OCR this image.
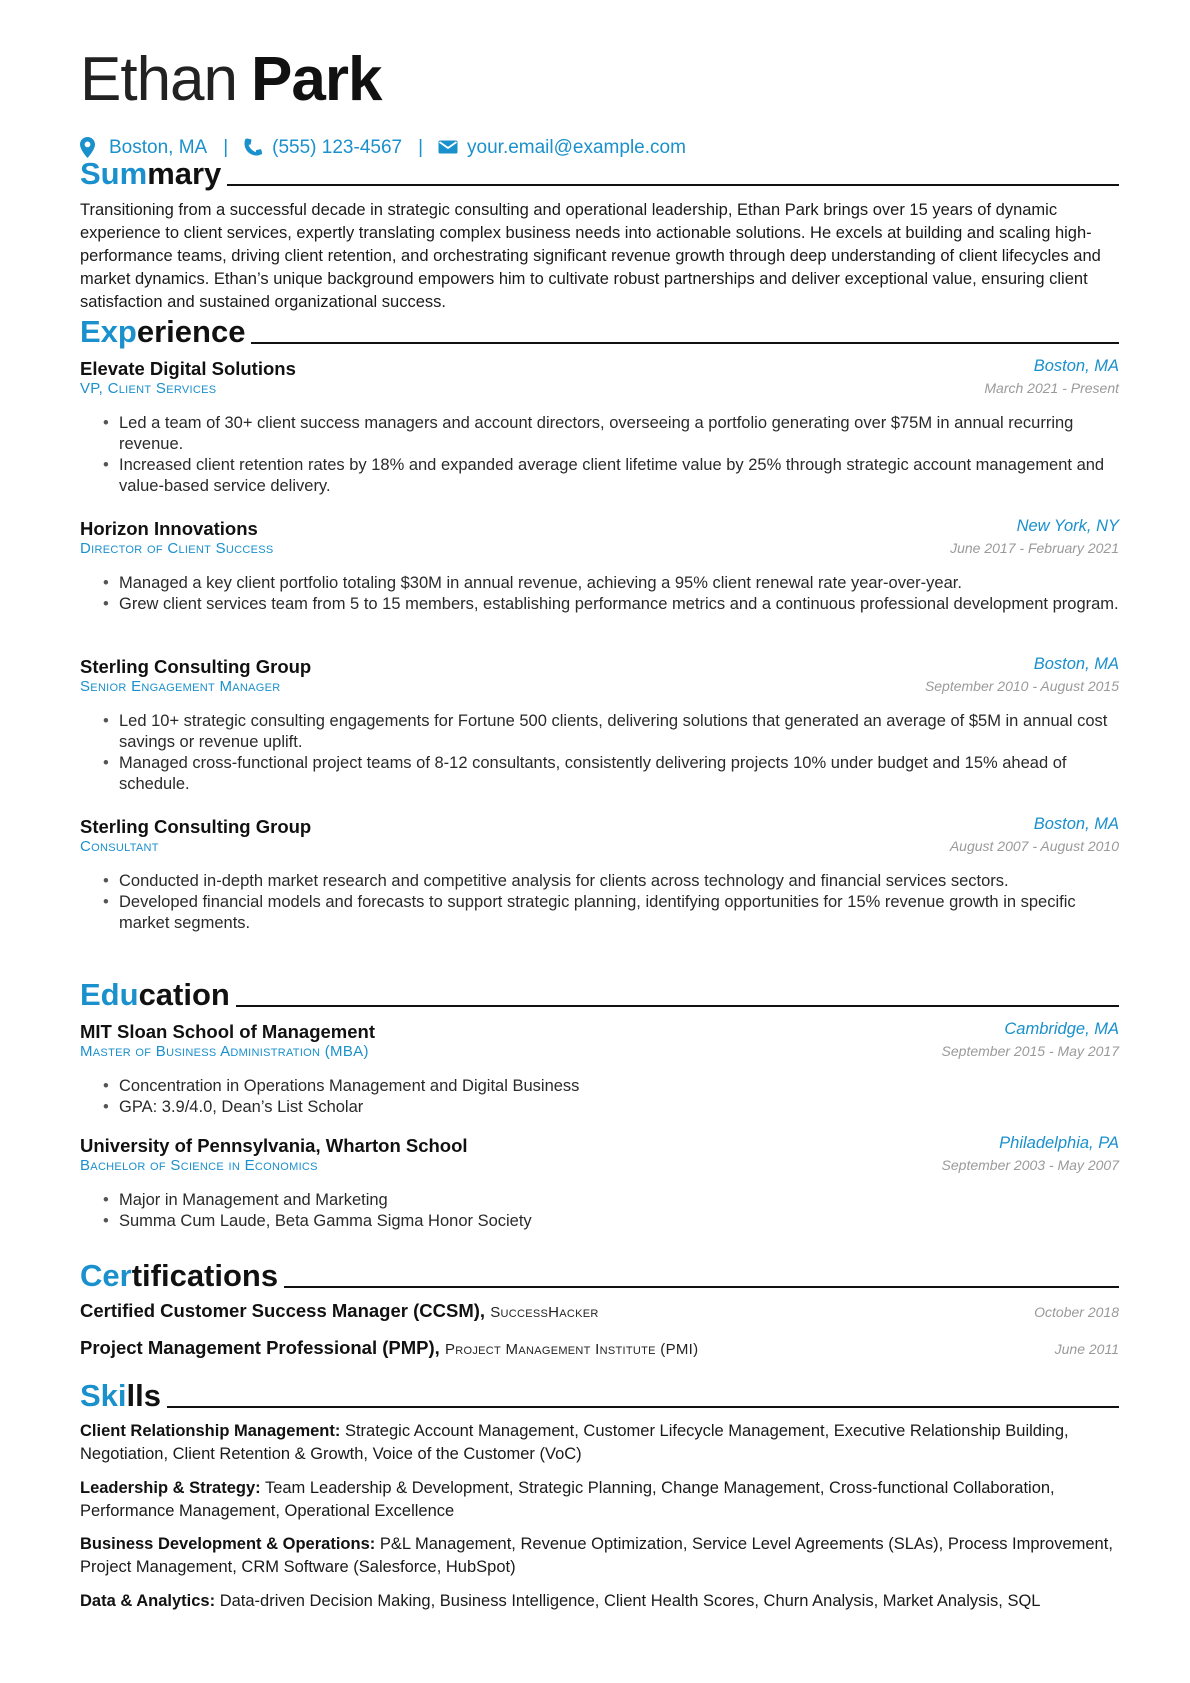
Ethan Park
Boston, MA | (555) 123-4567 | your.email@example.com
Summary
Transitioning from a successful decade in strategic consulting and operational leadership, Ethan Park brings over 15 years of dynamic experience to client services, expertly translating complex business needs into actionable solutions. He excels at building and scaling high-performance teams, driving client retention, and orchestrating significant revenue growth through deep understanding of client lifecycles and market dynamics. Ethan’s unique background empowers him to cultivate robust partnerships and deliver exceptional value, ensuring client satisfaction and sustained organizational success.
Experience
Elevate Digital Solutions	Boston, MA
VP, Client Services	March 2021 - Present
• Led a team of 30+ client success managers and account directors, overseeing a portfolio generating over $75M in annual recurring revenue.
• Increased client retention rates by 18% and expanded average client lifetime value by 25% through strategic account management and value-based service delivery.
Horizon Innovations	New York, NY
Director of Client Success	June 2017 - February 2021
• Managed a key client portfolio totaling $30M in annual revenue, achieving a 95% client renewal rate year-over-year.
• Grew client services team from 5 to 15 members, establishing performance metrics and a continuous professional development program.
Sterling Consulting Group	Boston, MA
Senior Engagement Manager	September 2010 - August 2015
• Led 10+ strategic consulting engagements for Fortune 500 clients, delivering solutions that generated an average of $5M in annual cost savings or revenue uplift.
• Managed cross-functional project teams of 8-12 consultants, consistently delivering projects 10% under budget and 15% ahead of schedule.
Sterling Consulting Group	Boston, MA
Consultant	August 2007 - August 2010
• Conducted in-depth market research and competitive analysis for clients across technology and financial services sectors.
• Developed financial models and forecasts to support strategic planning, identifying opportunities for 15% revenue growth in specific market segments.
Education
MIT Sloan School of Management	Cambridge, MA
Master of Business Administration (MBA)	September 2015 - May 2017
• Concentration in Operations Management and Digital Business
• GPA: 3.9/4.0, Dean’s List Scholar
University of Pennsylvania, Wharton School	Philadelphia, PA
Bachelor of Science in Economics	September 2003 - May 2007
• Major in Management and Marketing
• Summa Cum Laude, Beta Gamma Sigma Honor Society
Certifications
Certified Customer Success Manager (CCSM), SuccessHacker	October 2018
Project Management Professional (PMP), Project Management Institute (PMI)	June 2011
Skills
Client Relationship Management: Strategic Account Management, Customer Lifecycle Management, Executive Relationship Building, Negotiation, Client Retention & Growth, Voice of the Customer (VoC)
Leadership & Strategy: Team Leadership & Development, Strategic Planning, Change Management, Cross-functional Collaboration, Performance Management, Operational Excellence
Business Development & Operations: P&L Management, Revenue Optimization, Service Level Agreements (SLAs), Process Improvement, Project Management, CRM Software (Salesforce, HubSpot)
Data & Analytics: Data-driven Decision Making, Business Intelligence, Client Health Scores, Churn Analysis, Market Analysis, SQL
